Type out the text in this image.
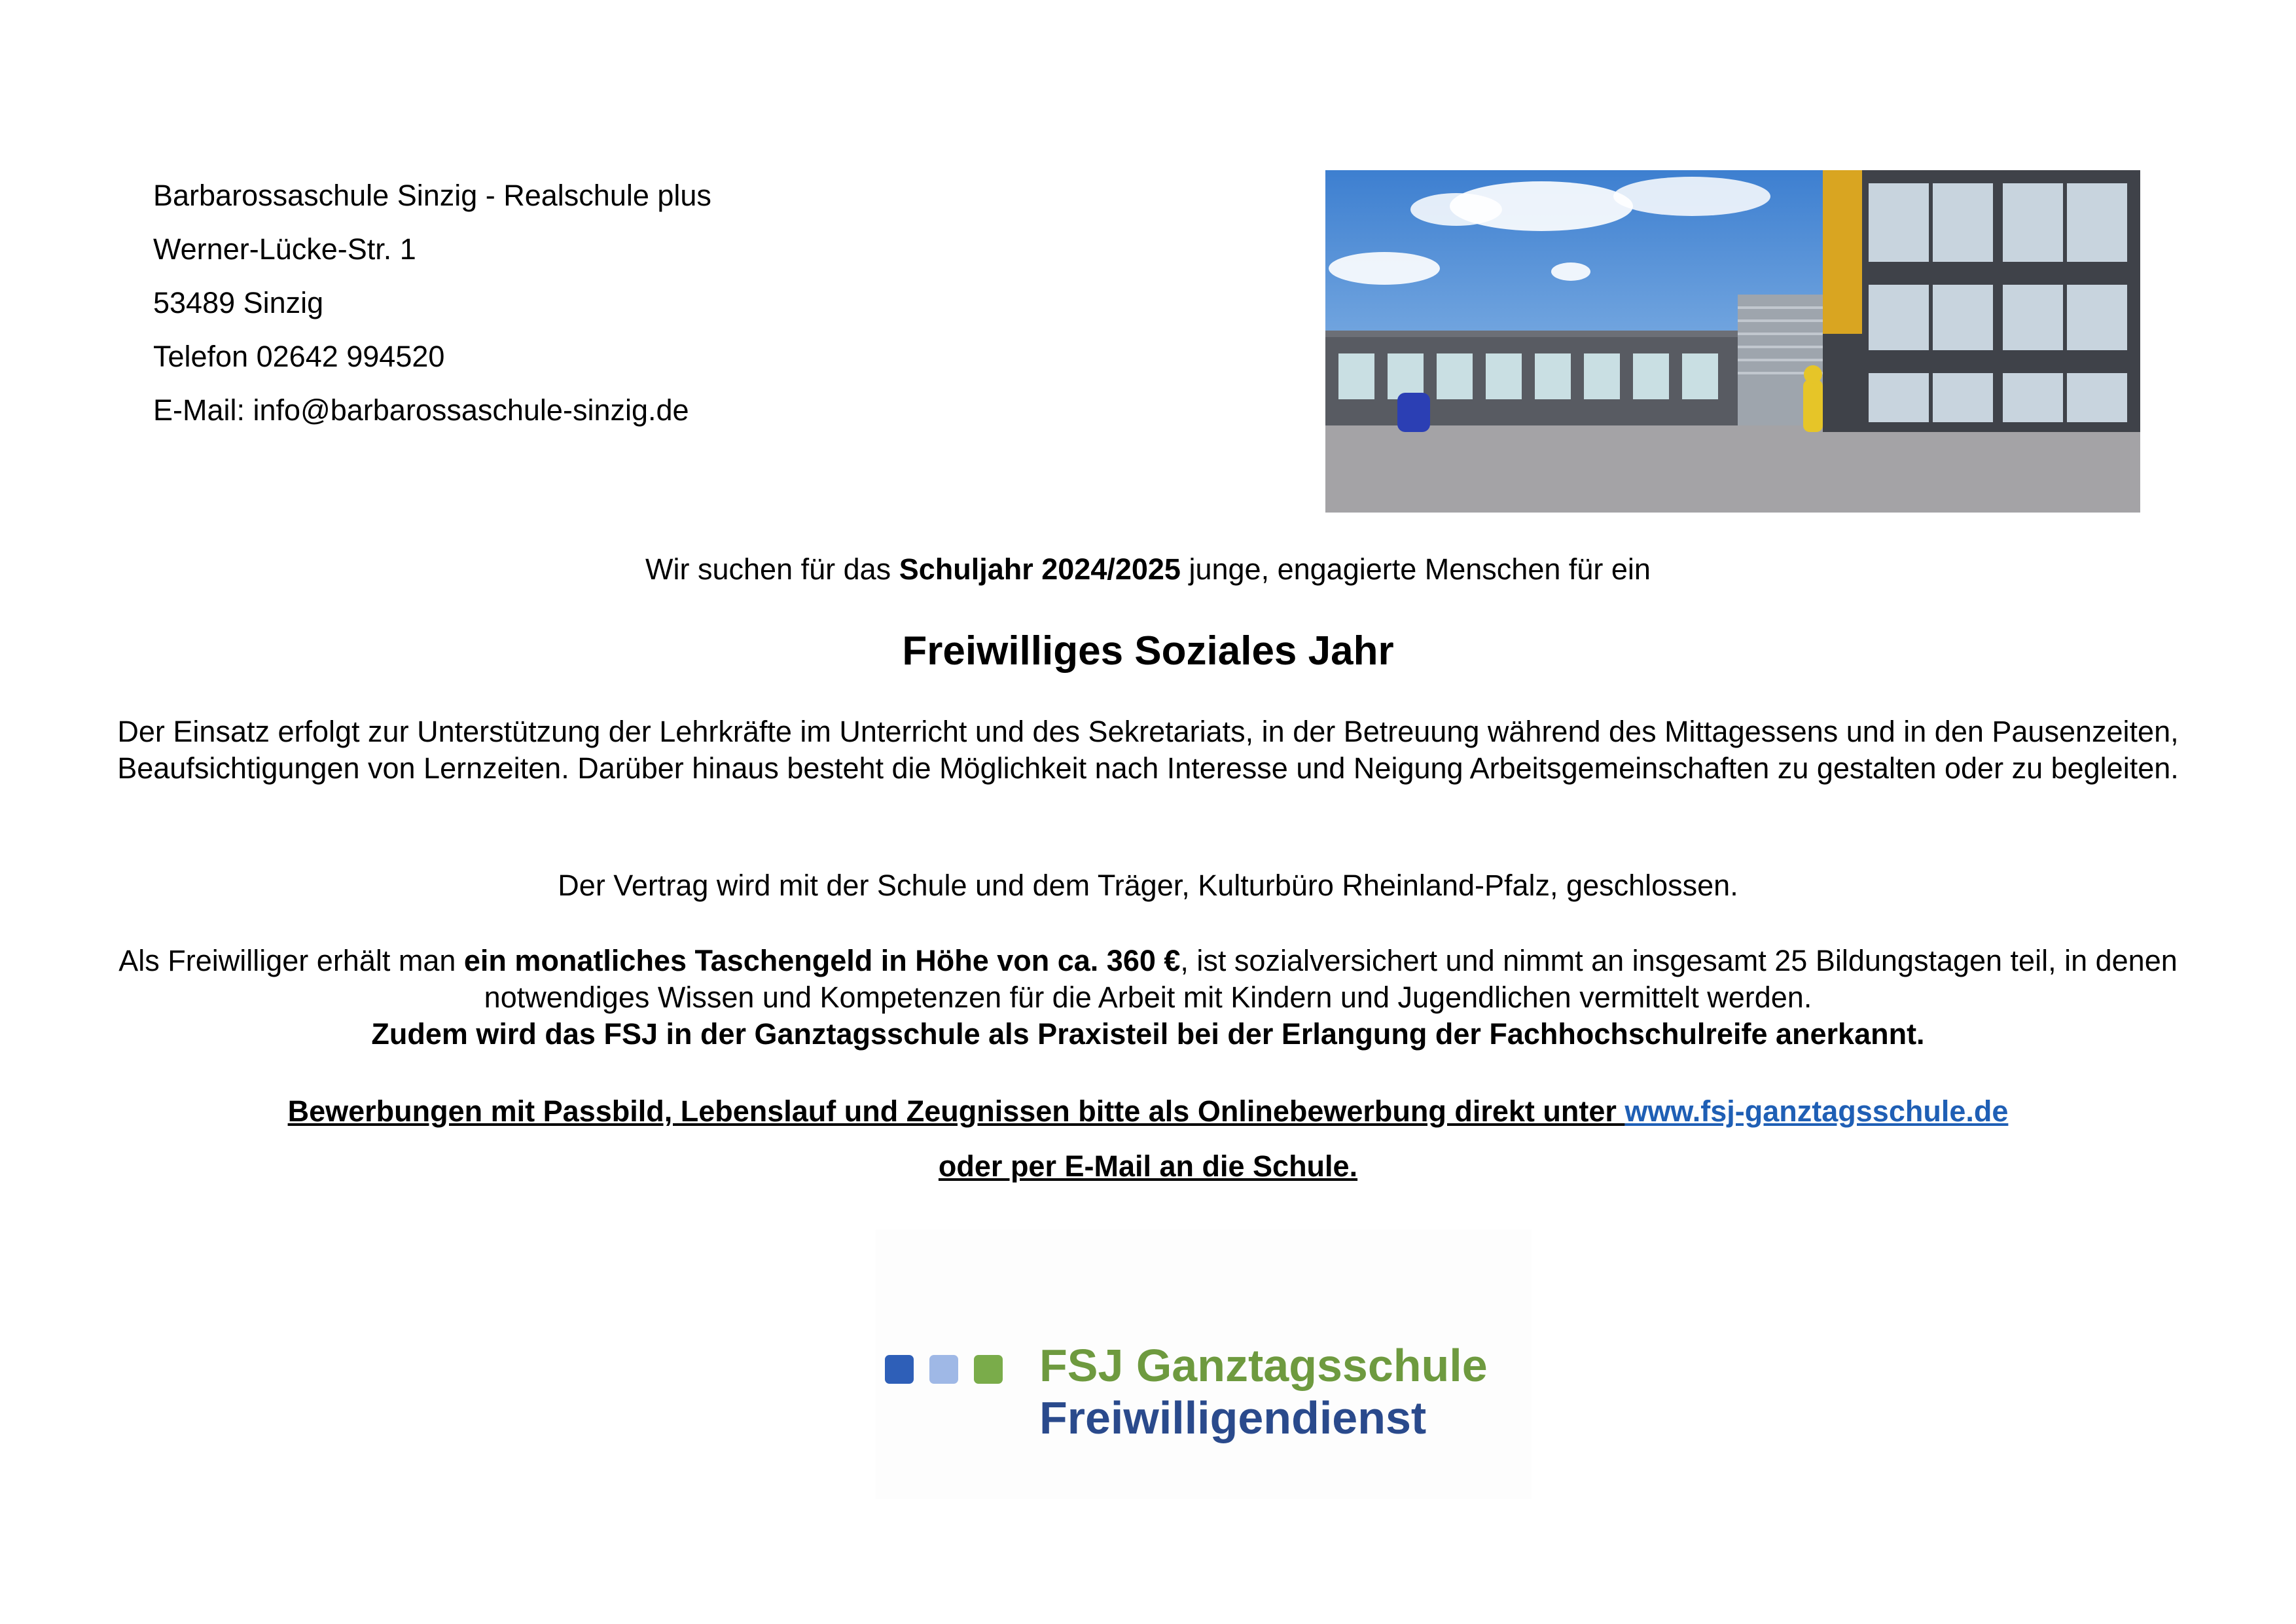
Barbarossaschule Sinzig - Realschule plus
Werner-Lücke-Str. 1
53489 Sinzig
Telefon 02642 994520
E-Mail: info@barbarossaschule-sinzig.de
Wir suchen für das Schuljahr 2024/2025 junge, engagierte Menschen für ein
Freiwilliges Soziales Jahr
Der Einsatz erfolgt zur Unterstützung der Lehrkräfte im Unterricht und des Sekretariats, in der Betreuung während des Mittagessens und in den Pausenzeiten, Beaufsichtigungen von Lernzeiten. Darüber hinaus besteht die Möglichkeit nach Interesse und Neigung Arbeitsgemeinschaften zu gestalten oder zu begleiten.
Der Vertrag wird mit der Schule und dem Träger, Kulturbüro Rheinland-Pfalz, geschlossen.
Als Freiwilliger erhält man ein monatliches Taschengeld in Höhe von ca. 360 €, ist sozialversichert und nimmt an insgesamt 25 Bildungstagen teil, in denen notwendiges Wissen und Kompetenzen für die Arbeit mit Kindern und Jugendlichen vermittelt werden.
Zudem wird das FSJ in der Ganztagsschule als Praxisteil bei der Erlangung der Fachhochschulreife anerkannt.
Bewerbungen mit Passbild, Lebenslauf und Zeugnissen bitte als Onlinebewerbung direkt unter www.fsj-ganztagsschule.de
oder per E-Mail an die Schule.
FSJ Ganztagsschule
Freiwilligendienst
